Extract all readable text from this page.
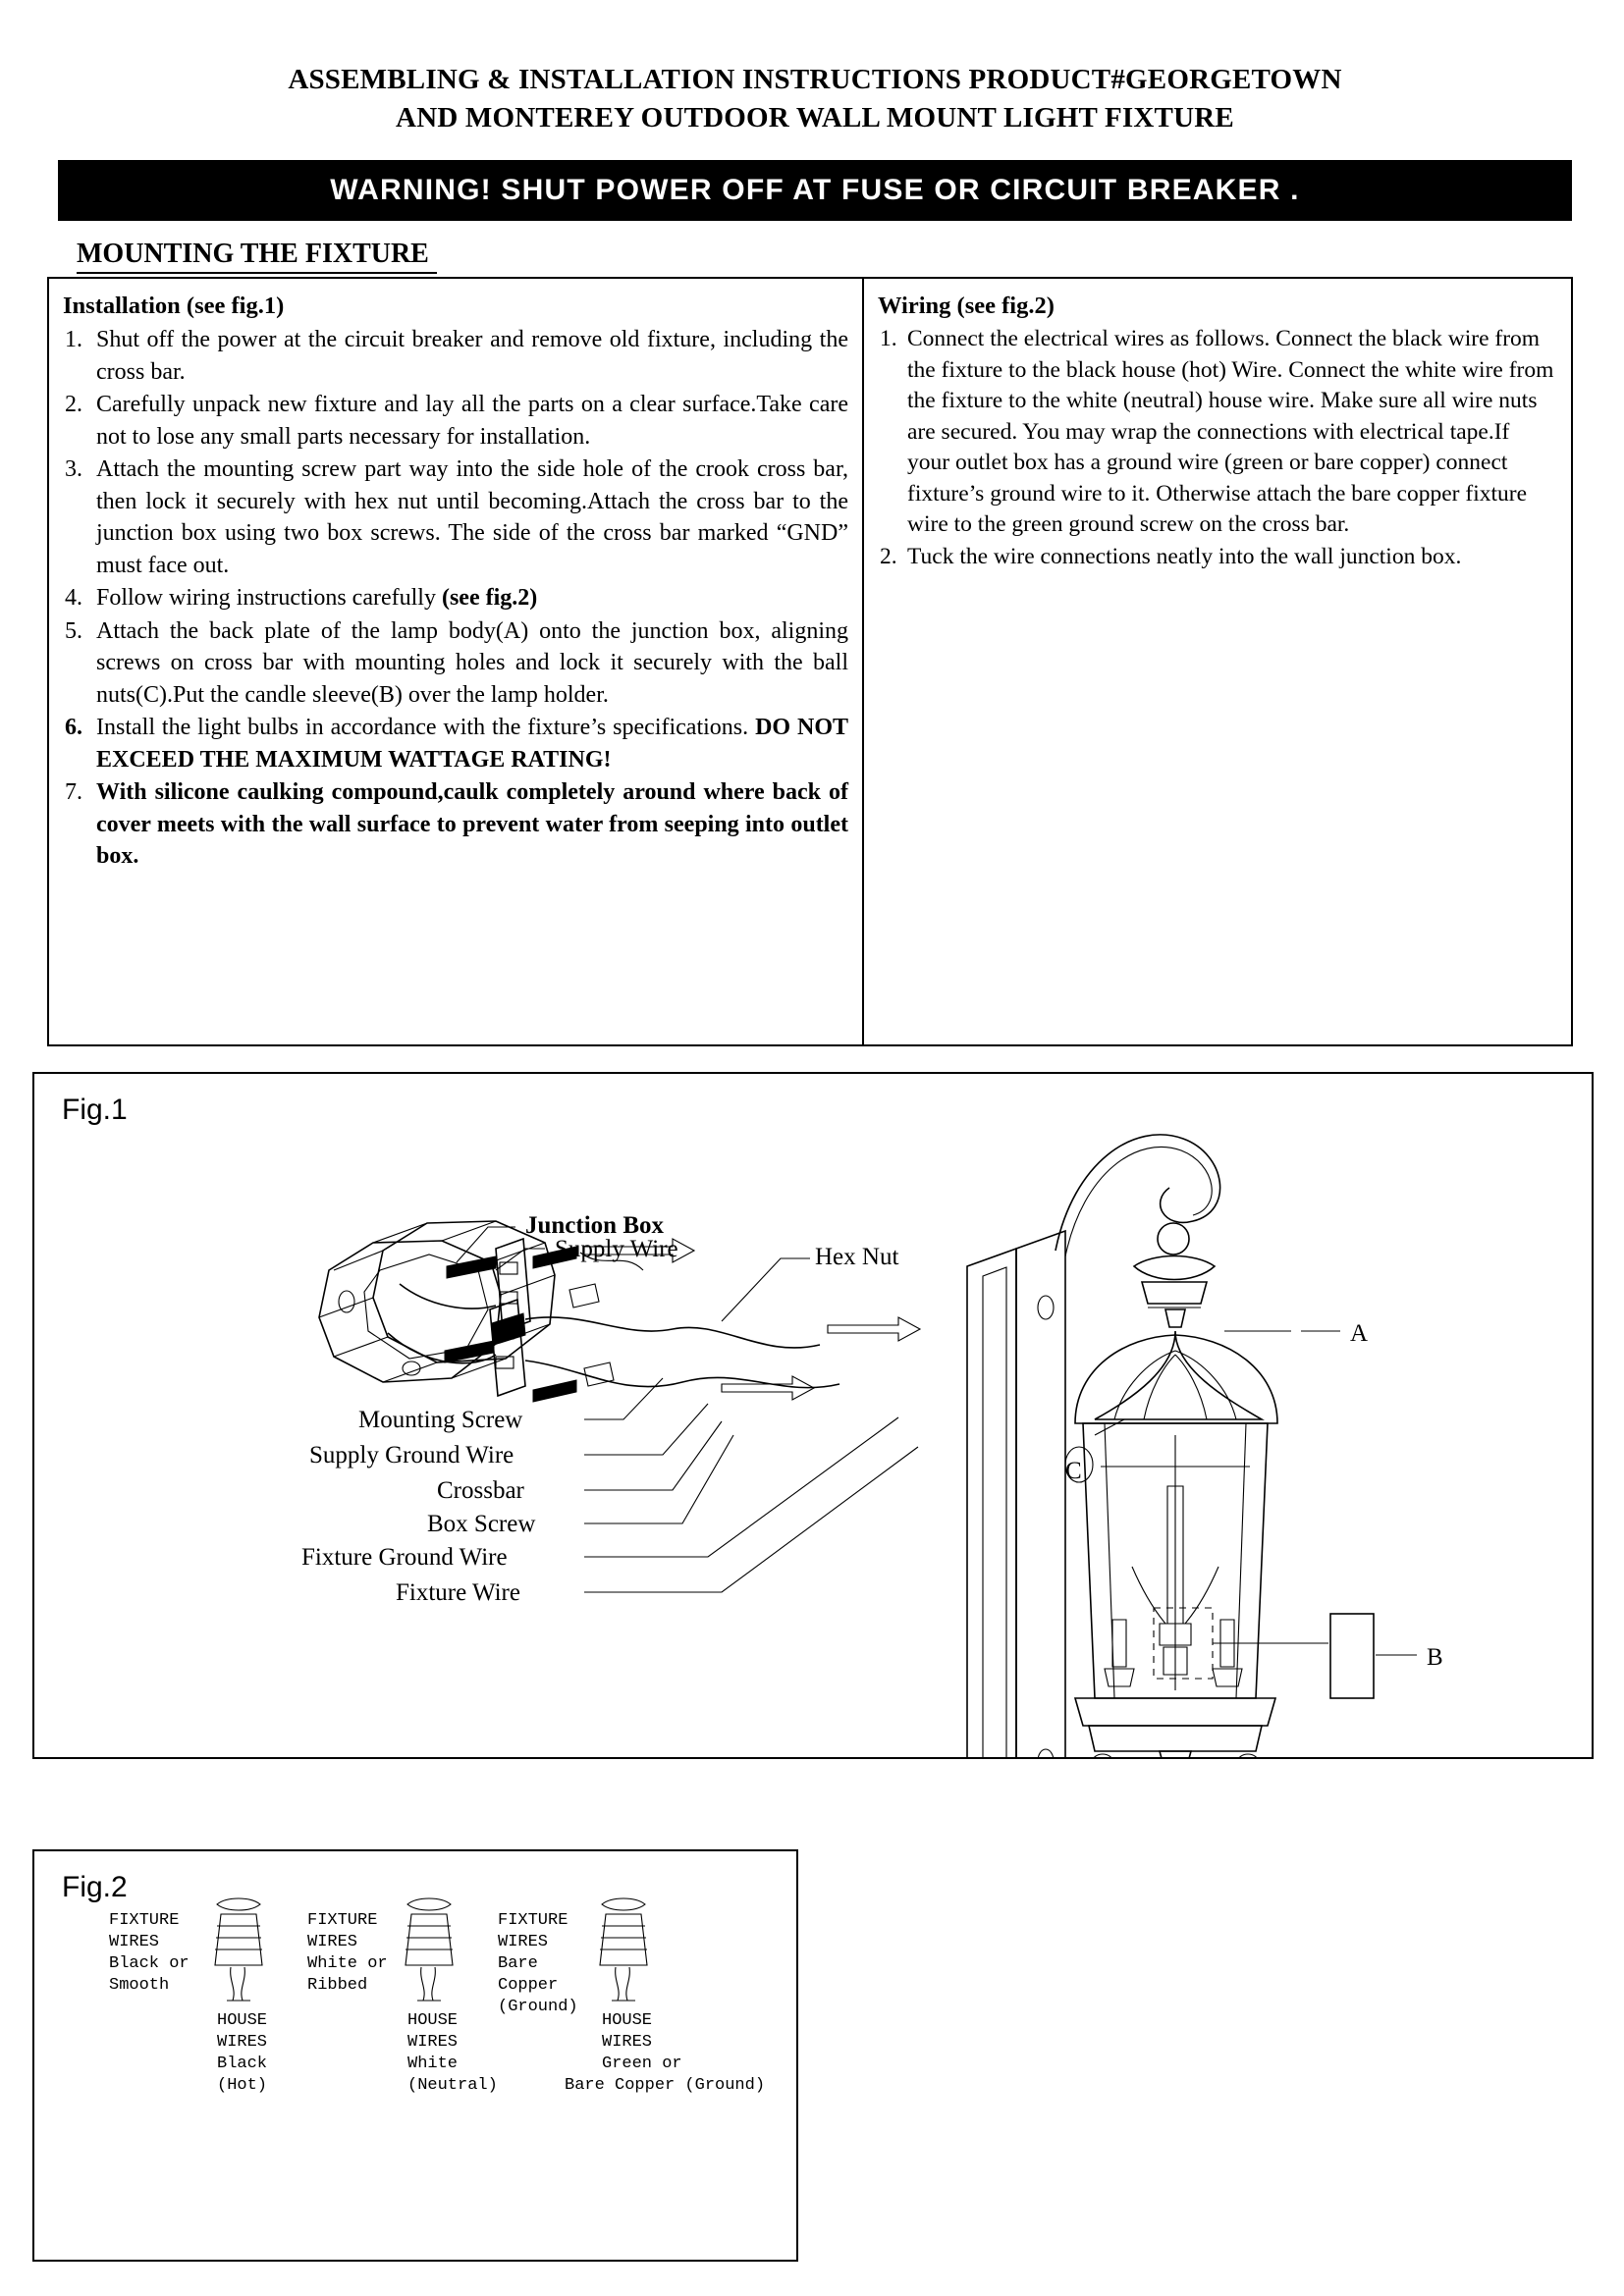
ASSEMBLING & INSTALLATION INSTRUCTIONS PRODUCT#GEORGETOWN
AND MONTEREY OUTDOOR WALL MOUNT LIGHT FIXTURE
WARNING! SHUT POWER OFF AT FUSE OR CIRCUIT BREAKER .
MOUNTING THE FIXTURE
Installation (see fig.1)
1. Shut off the power at the circuit breaker and remove old fixture, including the cross bar.
2. Carefully unpack new fixture and lay all the parts on a clear surface.Take care not to lose any small parts necessary for installation.
3. Attach the mounting screw part way into the side hole of the crook cross bar, then lock it securely with hex nut until becoming.Attach the cross bar to the junction box using two box screws. The side of the cross bar marked “GND” must face out.
4. Follow wiring instructions carefully (see fig.2)
5. Attach the back plate of the lamp body(A) onto the junction box, aligning screws on cross bar with mounting holes and lock it securely with the ball nuts(C).Put the candle sleeve(B) over the lamp holder.
6. Install the light bulbs in accordance with the fixture’s specifications. DO NOT EXCEED THE MAXIMUM WATTAGE RATING!
7. With silicone caulking compound,caulk completely around where back of cover meets with the wall surface to prevent water from seeping into outlet box.
Wiring (see fig.2)
1. Connect the electrical wires as follows. Connect the black wire from the fixture to the black house (hot) Wire. Connect the white wire from the fixture to the white (neutral) house wire. Make sure all wire nuts are secured. You may wrap the connections with electrical tape.If your outlet box has a ground wire (green or bare copper) connect fixture’s ground wire to it. Otherwise attach the bare copper fixture wire to the green ground screw on the cross bar.
2. Tuck the wire connections neatly into the wall junction box.
Fig.1
Junction Box
Supply Wire	Hex Nut
Mounting Screw
Supply Ground Wire
Crossbar
Box Screw
Fixture Ground Wire
Fixture Wire
A
B
C
Fig.2
FIXTURE
WIRES
Black or
Smooth
HOUSE
WIRES
Black
(Hot)
FIXTURE
WIRES
White or
Ribbed
HOUSE
WIRES
White
(Neutral)
FIXTURE
WIRES
Bare
Copper
(Ground)
HOUSE
WIRES
Green or
Bare Copper (Ground)
